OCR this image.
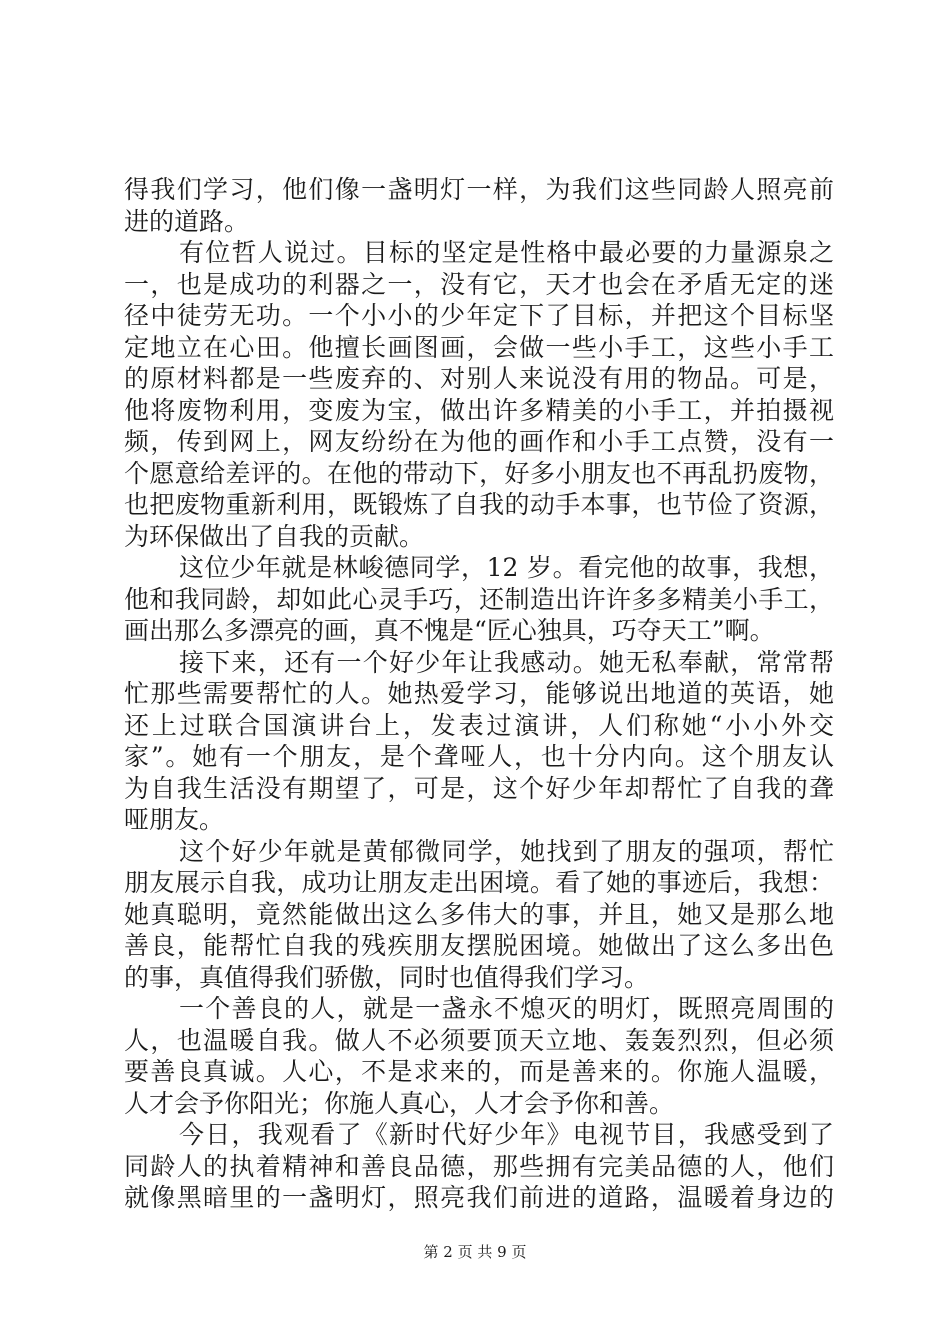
得我们学习，他们像一盏明灯一样，为我们这些同龄人照亮前
进的道路。
有位哲人说过。目标的坚定是性格中最必要的力量源泉之
一，也是成功的利器之一，没有它，天才也会在矛盾无定的迷
径中徒劳无功。一个小小的少年定下了目标，并把这个目标坚
定地立在心田。他擅长画图画，会做一些小手工，这些小手工
的原材料都是一些废弃的、对别人来说没有用的物品。可是，
他将废物利用，变废为宝，做出许多精美的小手工，并拍摄视
频，传到网上，网友纷纷在为他的画作和小手工点赞，没有一
个愿意给差评的。在他的带动下，好多小朋友也不再乱扔废物，
也把废物重新利用，既锻炼了自我的动手本事，也节俭了资源，
为环保做出了自我的贡献。
这位少年就是林峻德同学，12 岁。看完他的故事，我想，
他和我同龄，却如此心灵手巧，还制造出许许多多精美小手工，
画出那么多漂亮的画，真不愧是“匠心独具，巧夺天工”啊。
接下来，还有一个好少年让我感动。她无私奉献，常常帮
忙那些需要帮忙的人。她热爱学习，能够说出地道的英语，她
还上过联合国演讲台上，发表过演讲，人们称她“小小外交
家”。她有一个朋友，是个聋哑人，也十分内向。这个朋友认
为自我生活没有期望了，可是，这个好少年却帮忙了自我的聋
哑朋友。
这个好少年就是黄郁微同学，她找到了朋友的强项，帮忙
朋友展示自我，成功让朋友走出困境。看了她的事迹后，我想：
她真聪明，竟然能做出这么多伟大的事，并且，她又是那么地
善良，能帮忙自我的残疾朋友摆脱困境。她做出了这么多出色
的事，真值得我们骄傲，同时也值得我们学习。
一个善良的人，就是一盏永不熄灭的明灯，既照亮周围的
人，也温暖自我。做人不必须要顶天立地、轰轰烈烈，但必须
要善良真诚。人心，不是求来的，而是善来的。你施人温暖，
人才会予你阳光；你施人真心，人才会予你和善。
今日，我观看了《新时代好少年》电视节目，我感受到了
同龄人的执着精神和善良品德，那些拥有完美品德的人，他们
就像黑暗里的一盏明灯，照亮我们前进的道路，温暖着身边的
第 2 页 共 9 页
